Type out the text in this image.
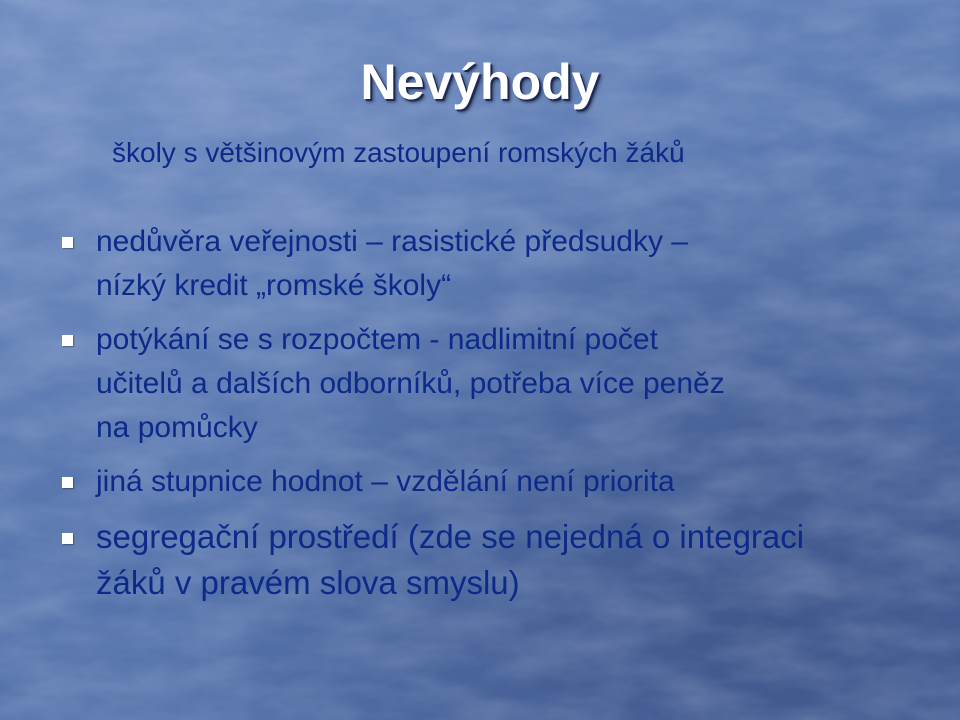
Nevýhody

školy s většinovým zastoupení romských žáků

nedůvěra veřejnosti – rasistické předsudky –
nízký kredit „romské školy“
potýkání se s rozpočtem - nadlimitní počet
učitelů a dalších odborníků, potřeba více peněz
na pomůcky
jiná stupnice hodnot – vzdělání není priorita
segregační prostředí (zde se nejedná o integraci
žáků v pravém slova smyslu)
